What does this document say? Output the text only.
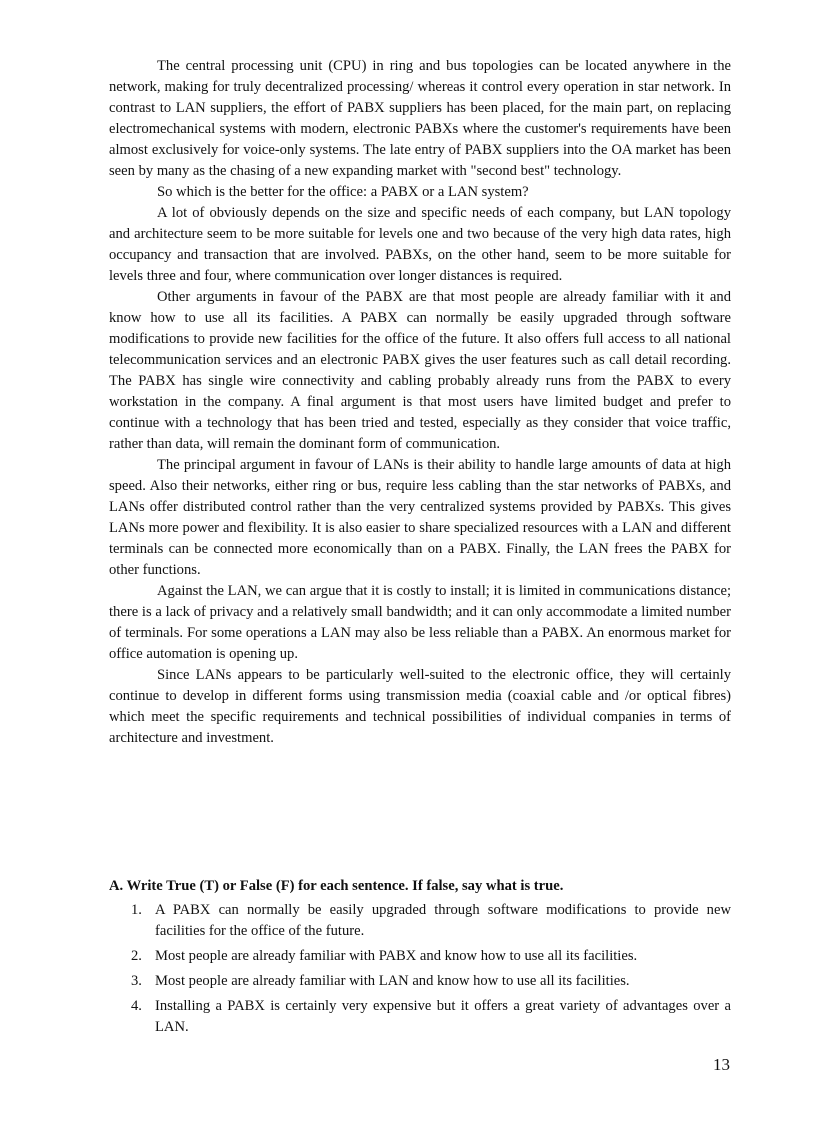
The central processing unit (CPU) in ring and bus topologies can be located anywhere in the network, making for truly decentralized processing/ whereas it control every operation in star network. In contrast to LAN suppliers, the effort of PABX suppliers has been placed, for the main part, on replacing electromechanical systems with modern, electronic PABXs where the customer's requirements have been almost exclusively for voice-only systems. The late entry of PABX suppliers into the OA market has been seen by many as the chasing of a new expanding market with "second best" technology.

So which is the better for the office: a PABX or a LAN system?

A lot of obviously depends on the size and specific needs of each company, but LAN topology and architecture seem to be more suitable for levels one and two because of the very high data rates, high occupancy and transaction that are involved. PABXs, on the other hand, seem to be more suitable for levels three and four, where communication over longer distances is required.

Other arguments in favour of the PABX are that most people are already familiar with it and know how to use all its facilities. A PABX can normally be easily upgraded through software modifications to provide new facilities for the office of the future. It also offers full access to all national telecommunication services and an electronic PABX gives the user features such as call detail recording. The PABX has single wire connectivity and cabling probably already runs from the PABX to every workstation in the company. A final argument is that most users have limited budget and prefer to continue with a technology that has been tried and tested, especially as they consider that voice traffic, rather than data, will remain the dominant form of communication.

The principal argument in favour of LANs is their ability to handle large amounts of data at high speed. Also their networks, either ring or bus, require less cabling than the star networks of PABXs, and LANs offer distributed control rather than the very centralized systems provided by PABXs. This gives LANs more power and flexibility. It is also easier to share specialized resources with a LAN and different terminals can be connected more economically than on a PABX. Finally, the LAN frees the PABX for other functions.

Against the LAN, we can argue that it is costly to install; it is limited in communications distance; there is a lack of privacy and a relatively small bandwidth; and it can only accommodate a limited number of terminals. For some operations a LAN may also be less reliable than a PABX. An enormous market for office automation is opening up.

Since LANs appears to be particularly well-suited to the electronic office, they will certainly continue to develop in different forms using transmission media (coaxial cable and /or optical fibres) which meet the specific requirements and technical possibilities of individual companies in terms of architecture and investment.

A. Write True (T) or False (F) for each sentence. If false, say what is true.

1. A PABX can normally be easily upgraded through software modifications to provide new facilities for the office of the future.
2. Most people are already familiar with PABX and know how to use all its facilities.
3. Most people are already familiar with LAN and know how to use all its facilities.
4. Installing a PABX is certainly very expensive but it offers a great variety of advantages over a LAN.
13
